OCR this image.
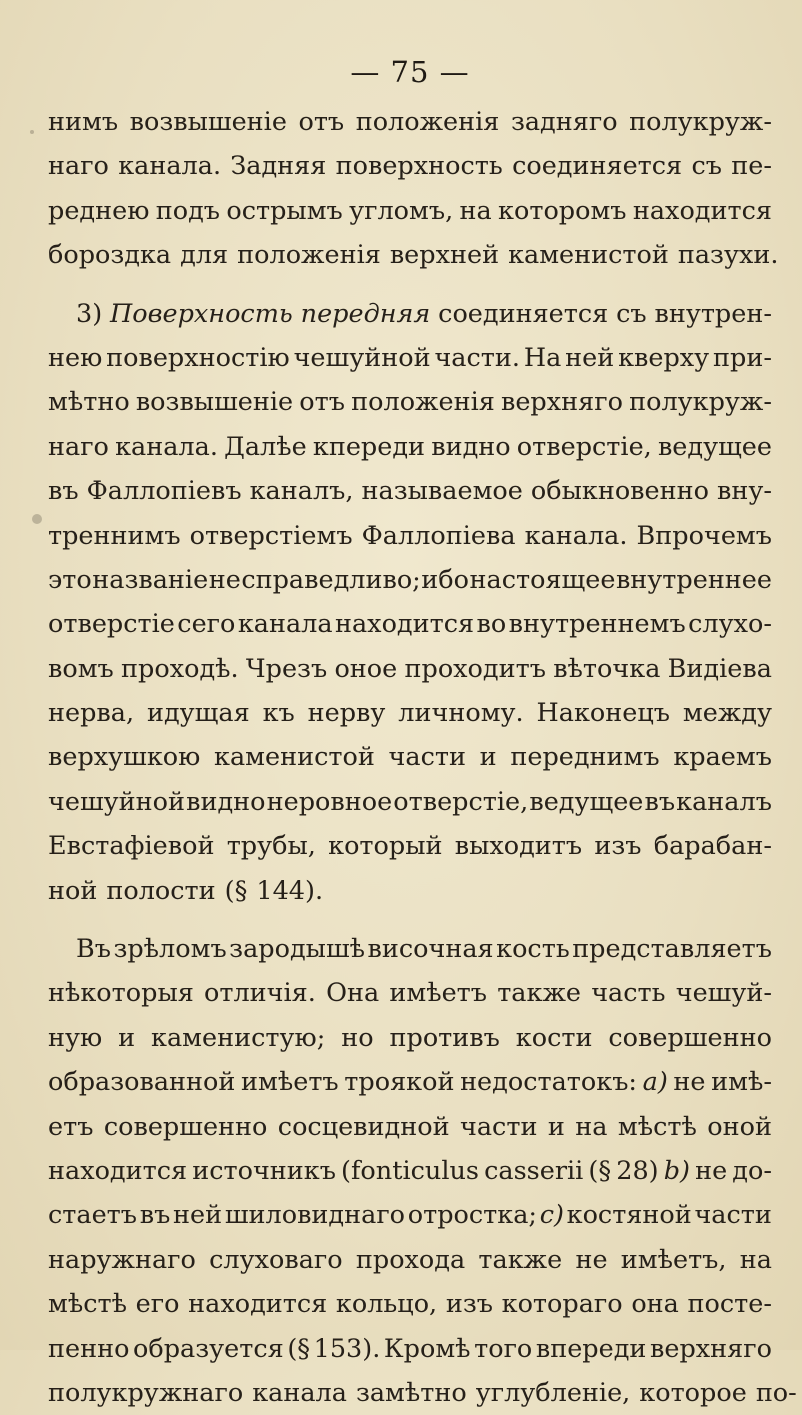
— 75 —
нимъ возвышеніе отъ положенія задняго полукруж-
наго канала. Задняя поверхность соединяется съ пе-
реднею подъ острымъ угломъ, на которомъ находится
бороздка для положенія верхней каменистой пазухи.
3) Поверхность передняя соединяется съ внутрен-
нею поверхностію чешуйной части. На ней кверху при-
мѣтно возвышеніе отъ положенія верхняго полукруж-
наго канала. Далѣе кпереди видно отверстіе, ведущее
въ Фаллопіевъ каналъ, называемое обыкновенно вну-
треннимъ отверстіемъ Фаллопіева канала. Впрочемъ
это названіе не справедливо; ибо настоящее внутреннее
отверстіе сего канала находится во внутреннемъ слухо-
вомъ проходѣ. Чрезъ оное проходитъ вѣточка Видіева
нерва, идущая къ нерву личному. Наконецъ между
верхушкою каменистой части и переднимъ краемъ
чешуйной видно неровное отверстіе, ведущее въ каналъ
Евстафіевой трубы, который выходитъ изъ барабан-
ной полости (§ 144).
Въ зрѣломъ зародышѣ височная кость представляетъ
нѣкоторыя отличія. Она имѣетъ также часть чешуй-
ную и каменистую; но противъ кости совершенно
образованной имѣетъ троякой недостатокъ: a) не имѣ-
етъ совершенно сосцевидной части и на мѣстѣ оной
находится источникъ (fonticulus casserii (§ 28) b) не до-
стаетъ въ ней шиловиднаго отростка; c) костяной части
наружнаго слуховаго прохода также не имѣетъ, на
мѣстѣ его находится кольцо, изъ котораго она посте-
пенно образуется (§ 153). Кромѣ того впереди верхняго
полукружнаго канала замѣтно углубленіе, которое по-
